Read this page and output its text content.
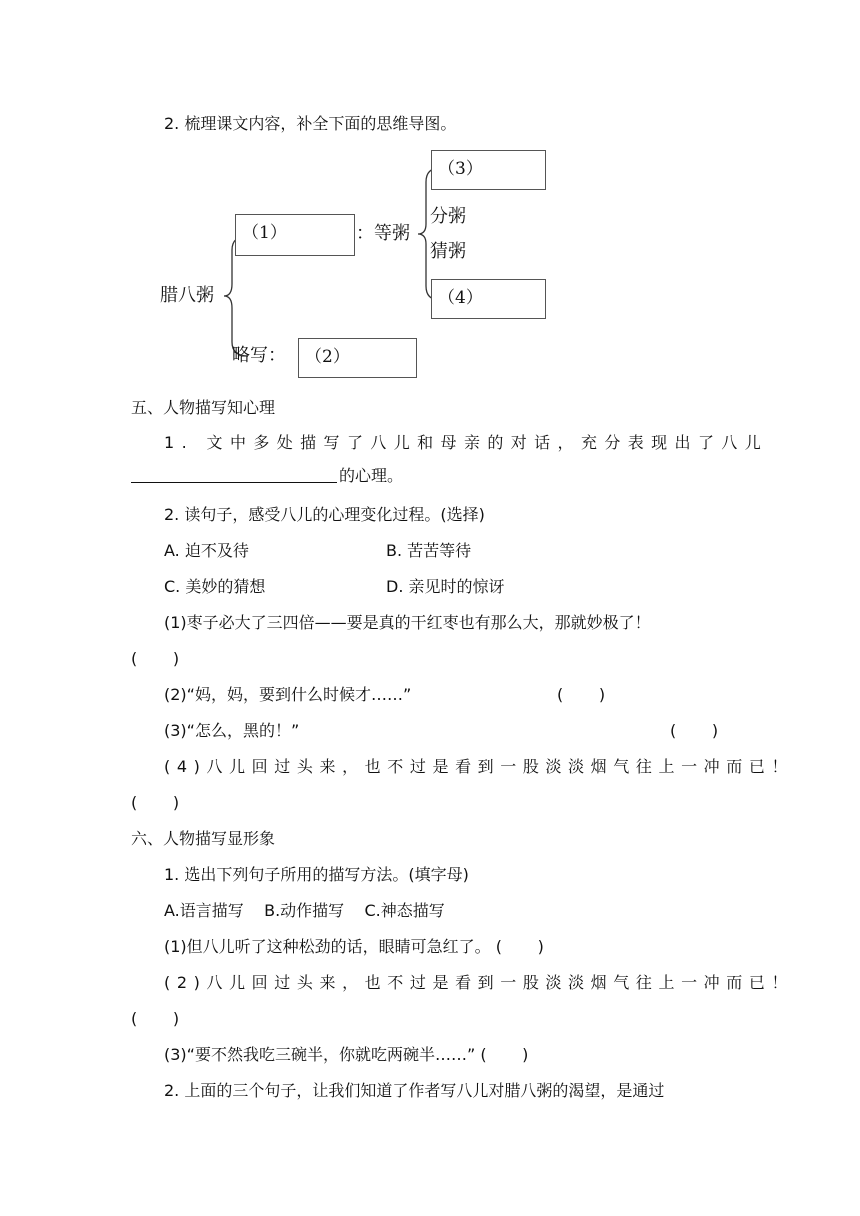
2. 梳理课文内容，补全下面的思维导图。
腊八粥
（1）	：等粥
（3）
分粥
猜粥
（4）
略写： （2）
五、人物描写知心理
1. 文中多处描写了八儿和母亲的对话，充分表现出了八儿
的心理。
2. 读句子，感受八儿的心理变化过程。(选择)
A. 迫不及待	B. 苦苦等待
C. 美妙的猜想	D. 亲见时的惊讶
(1)枣子必大了三四倍——要是真的干红枣也有那么大，那就妙极了！
(       )
(2)“妈，妈，要到什么时候才……”	(       )
(3)“怎么，黑的！”	(       )
(4)八儿回过头来，也不过是看到一股淡淡烟气往上一冲而已！
(       )
六、人物描写显形象
1. 选出下列句子所用的描写方法。(填字母)
A.语言描写    B.动作描写    C.神态描写
(1)但八儿听了这种松劲的话，眼睛可急红了。 (       )
(2)八儿回过头来，也不过是看到一股淡淡烟气往上一冲而已！
(       )
(3)“要不然我吃三碗半，你就吃两碗半……” (       )
2. 上面的三个句子，让我们知道了作者写八儿对腊八粥的渴望，是通过
